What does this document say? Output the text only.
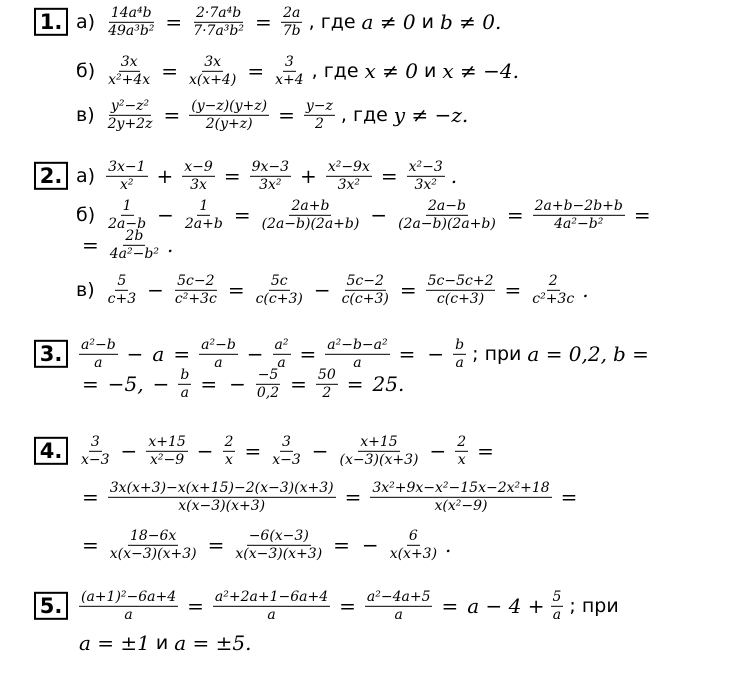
1. $а) \frac{\text{14a⁴b}}{\text{49a³b²}} = \frac{\text{2·7a⁴b}}{\text{7·7a³b²}} = \frac{2a}{7b}$ , где a ≠ 0 и b ≠ 0.
$б) \frac{3x}{\text{x²+4x}} = \frac{3x}{x(x+4)} = \frac{3}{x+4}$ , где x ≠ 0 и x ≠ −4.
$в) \frac{\text{y²−z²}}{2y+2z} = \frac{(y-z)(y+z)}{2(y+z)} = \frac{y-z}{2}$ , где y ≠ −z.
2. $а) \frac{3x-1}{\text{x²}} + \frac{x-9}{3x} = \frac{9x-3}{\text{3x²}} + \frac{\text{x²−9x}}{\text{3x²}} = \frac{\text{x²−3}}{\text{3x²}}$ .
$б) \frac{1}{2a-b} - \frac{1}{2a+b} = \frac{2a+b}{(2a-b)(2a+b)} - \frac{2a-b}{(2a-b)(2a+b)} = \frac{2a+b-2b+b}{\text{4a²−b²}}$ =
= $\frac{2b}{\text{4a²−b²}}$ .
$в) \frac{5}{c+3} - \frac{5c-2}{\text{c²+3c}} = \frac{5c}{c(c+3)} - \frac{5c-2}{c(c+3)} = \frac{5c-5c+2}{c(c+3)} = \frac{2}{\text{c²+3c}}$ .
3.	$\frac{\text{a²−b}}{a} - a = \frac{\text{a²−b}}{a} - \frac{\text{a²}}{a} = \frac{\text{a²−b−a²}}{a}$ = − $\frac{b}{a}$ ; при a = 0,2, b =
= −5, − $\frac{b}{a}$ = − $\frac{-5}{0,2} = \frac{50}{2} = 25$.
4.	$\frac{3}{x-3} - \frac{x+15}{\text{x²−9}} - \frac{2}{x} = \frac{3}{x-3} - \frac{x+15}{(x-3)(x+3)} - \frac{2}{x}$ =
= $\frac{3x(x+3)-x(x+15)-2(x-3)(x+3)}{x(x-3)(x+3)} = \frac{\text{3x²+9x−x²−15x−2x²+18}}{\text{x(x²−9)}}$ =
= $\frac{18-6x}{x(x-3)(x+3)} = \frac{-6(x-3)}{x(x-3)(x+3)}$ = − $\frac{6}{x(x+3)}$ .
5.	$\frac{\text{(a+1)²−6a+4}}{a} = \frac{\text{a²+2a+1−6a+4}}{a} = \frac{\text{a²−4a+5}}{a} = a - 4 + \frac{5}{a}$ ; при
a = ±1 и a = ±5.
